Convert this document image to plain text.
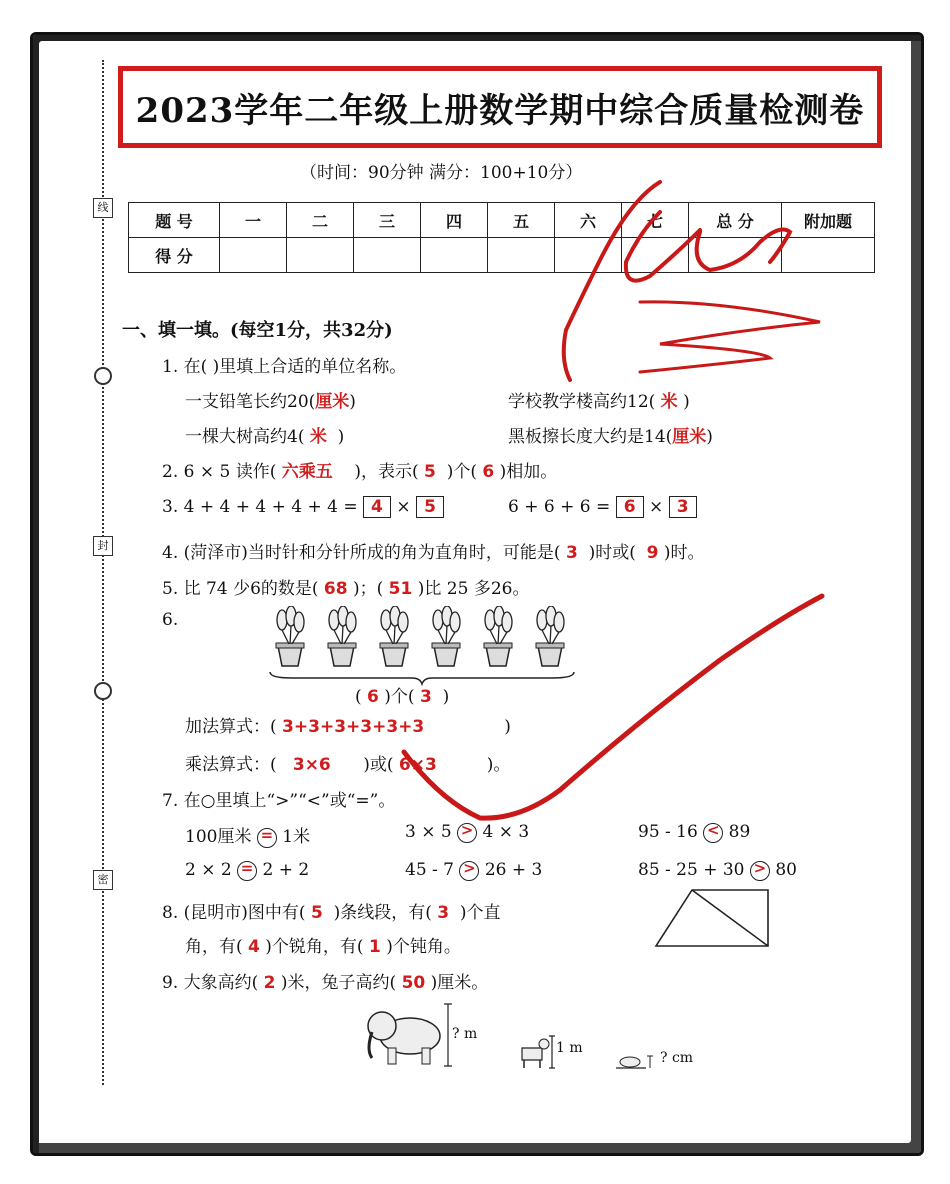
线
封
密
2023学年二年级上册数学期中综合质量检测卷
（时间：90分钟 满分：100+10分）
题 号	一	二	三	四	五	六	七	总 分	附加题
得 分									
一、填一填。(每空1分，共32分)
1. 在( )里填上合适的单位名称。
一支铅笔长约20(厘米)	学校教学楼高约12( 米 )
一棵大树高约4( 米 )	黑板擦长度大约是14(厘米)
2. 6 × 5 读作( 六乘五 )，表示( 5 )个( 6 )相加。
3. 4 + 4 + 4 + 4 + 4 = 4 × 5	6 + 6 + 6 = 6 × 3
4. (菏泽市)当时针和分针所成的角为直角时，可能是( 3 )时或( 9 )时。
5. 比 74 少6的数是( 68 )；( 51 )比 25 多26。
6.
( 6 )个( 3 )
加法算式：( 3+3+3+3+3+3	)
乘法算式：( 3×6 )或( 6×3	)。
7. 在○里填上“>”“<”或“=”。
100厘米 = 1米	3 × 5 > 4 × 3	95 - 16 < 89
2 × 2 = 2 + 2	45 - 7 > 26 + 3	85 - 25 + 30 > 80
8. (昆明市)图中有( 5 )条线段，有( 3 )个直
角，有( 4 )个锐角，有( 1 )个钝角。
9. 大象高约( 2 )米，兔子高约( 50 )厘米。
? m
1 m
? cm
